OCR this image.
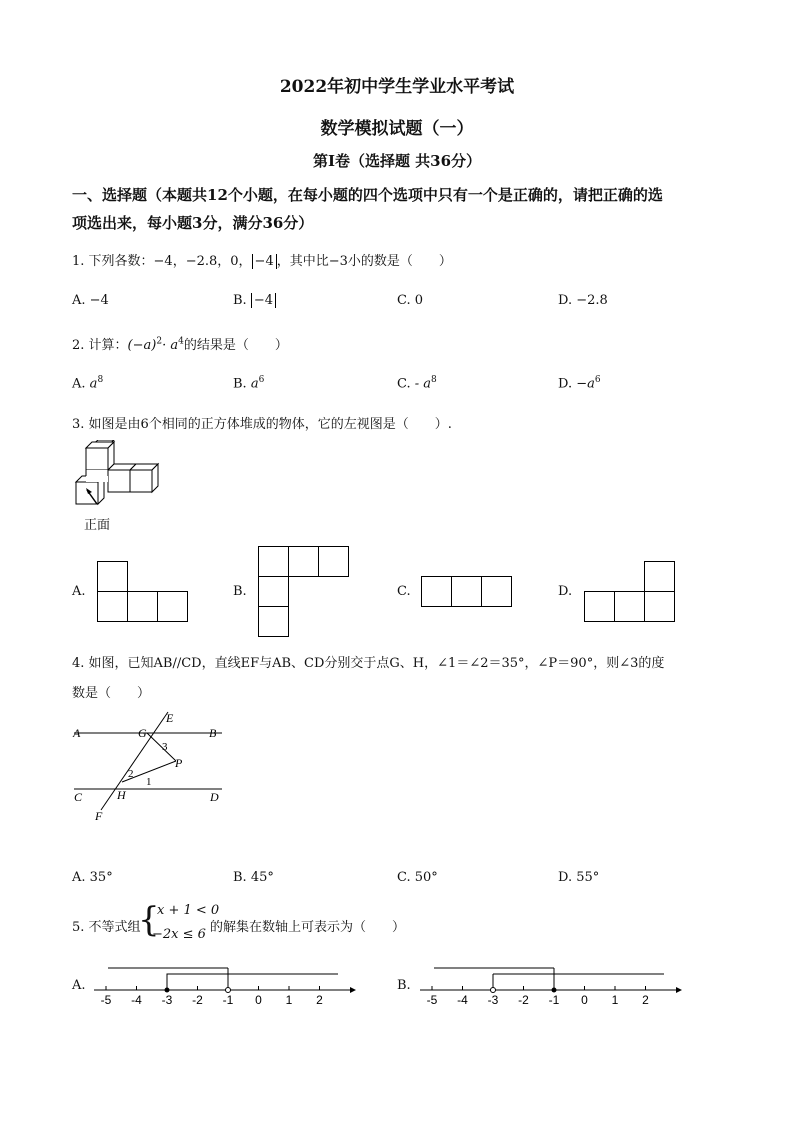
2022年初中学生学业水平考试
数学模拟试题（一）
第Ⅰ卷（选择题 共36分）
一、选择题（本题共12个小题，在每小题的四个选项中只有一个是正确的，请把正确的选
项选出来，每小题3分，满分36分）
1. 下列各数：−4，−2.8，0， −4 ，其中比−3小的数是（　　）
A. −4	B. −4	C. 0	D. −2.8
2. 计算：$(-a)^2\cdot a^4$的结果是（　　）
A. $a^8$	B. $a^6$	C. - $a^8$	D. $-a^6$
3. 如图是由6个相同的正方体堆成的物体，它的左视图是（　　）.
正面
A.	B.	C.	D.
4. 如图，已知AB//CD，直线EF与AB、CD分别交于点G、H，∠1＝∠2＝35°，∠P＝90°，则∠3的度
数是（　　）
A	B
C	D
E
F
G
H
P
1
2
3
A. 35°	B. 45°	C. 50°	D. 55°
5. 不等式组
{
x + 1 < 0
−2x ≤ 6 的解集在数轴上可表示为（　　）
A.
-5 -4 -3 -2 -1 0 1 2
B.
-5 -4 -3 -2 -1 0 1 2
